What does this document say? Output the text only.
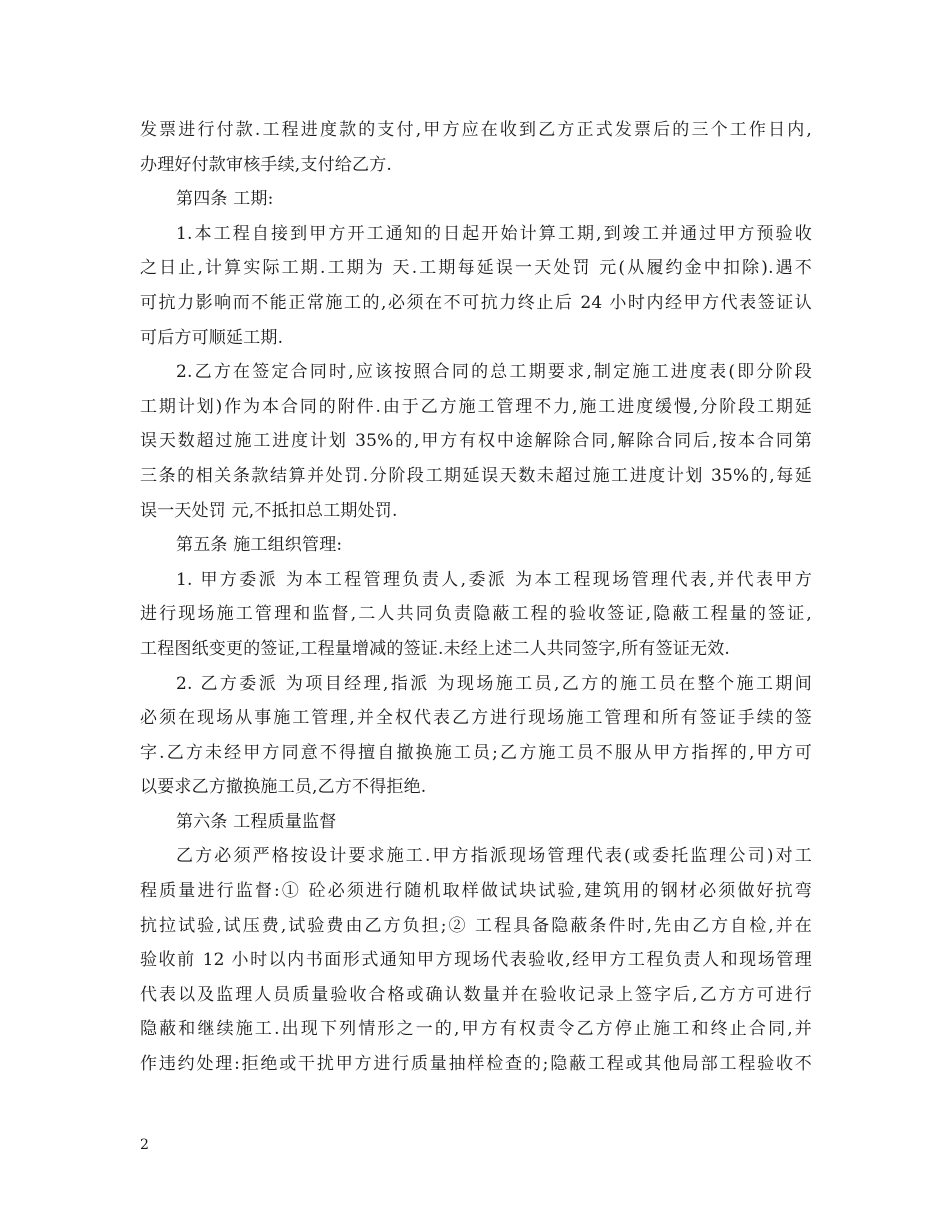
发票进行付款.工程进度款的支付,甲方应在收到乙方正式发票后的三个工作日内,
办理好付款审核手续,支付给乙方.
第四条 工期:
1.本工程自接到甲方开工通知的日起开始计算工期,到竣工并通过甲方预验收
之日止,计算实际工期.工期为 天.工期每延误一天处罚 元(从履约金中扣除).遇不
可抗力影响而不能正常施工的,必须在不可抗力终止后 24 小时内经甲方代表签证认
可后方可顺延工期.
2.乙方在签定合同时,应该按照合同的总工期要求,制定施工进度表(即分阶段
工期计划)作为本合同的附件.由于乙方施工管理不力,施工进度缓慢,分阶段工期延
误天数超过施工进度计划 35%的,甲方有权中途解除合同,解除合同后,按本合同第
三条的相关条款结算并处罚.分阶段工期延误天数未超过施工进度计划 35%的,每延
误一天处罚 元,不抵扣总工期处罚.
第五条 施工组织管理:
1. 甲方委派 为本工程管理负责人,委派 为本工程现场管理代表,并代表甲方
进行现场施工管理和监督,二人共同负责隐蔽工程的验收签证,隐蔽工程量的签证,
工程图纸变更的签证,工程量增减的签证.未经上述二人共同签字,所有签证无效.
2. 乙方委派 为项目经理,指派 为现场施工员,乙方的施工员在整个施工期间
必须在现场从事施工管理,并全权代表乙方进行现场施工管理和所有签证手续的签
字.乙方未经甲方同意不得擅自撤换施工员;乙方施工员不服从甲方指挥的,甲方可
以要求乙方撤换施工员,乙方不得拒绝.
第六条 工程质量监督
乙方必须严格按设计要求施工.甲方指派现场管理代表(或委托监理公司)对工
程质量进行监督:① 砼必须进行随机取样做试块试验,建筑用的钢材必须做好抗弯
抗拉试验,试压费,试验费由乙方负担;② 工程具备隐蔽条件时,先由乙方自检,并在
验收前 12 小时以内书面形式通知甲方现场代表验收,经甲方工程负责人和现场管理
代表以及监理人员质量验收合格或确认数量并在验收记录上签字后,乙方方可进行
隐蔽和继续施工.出现下列情形之一的,甲方有权责令乙方停止施工和终止合同,并
作违约处理:拒绝或干扰甲方进行质量抽样检查的;隐蔽工程或其他局部工程验收不
2
